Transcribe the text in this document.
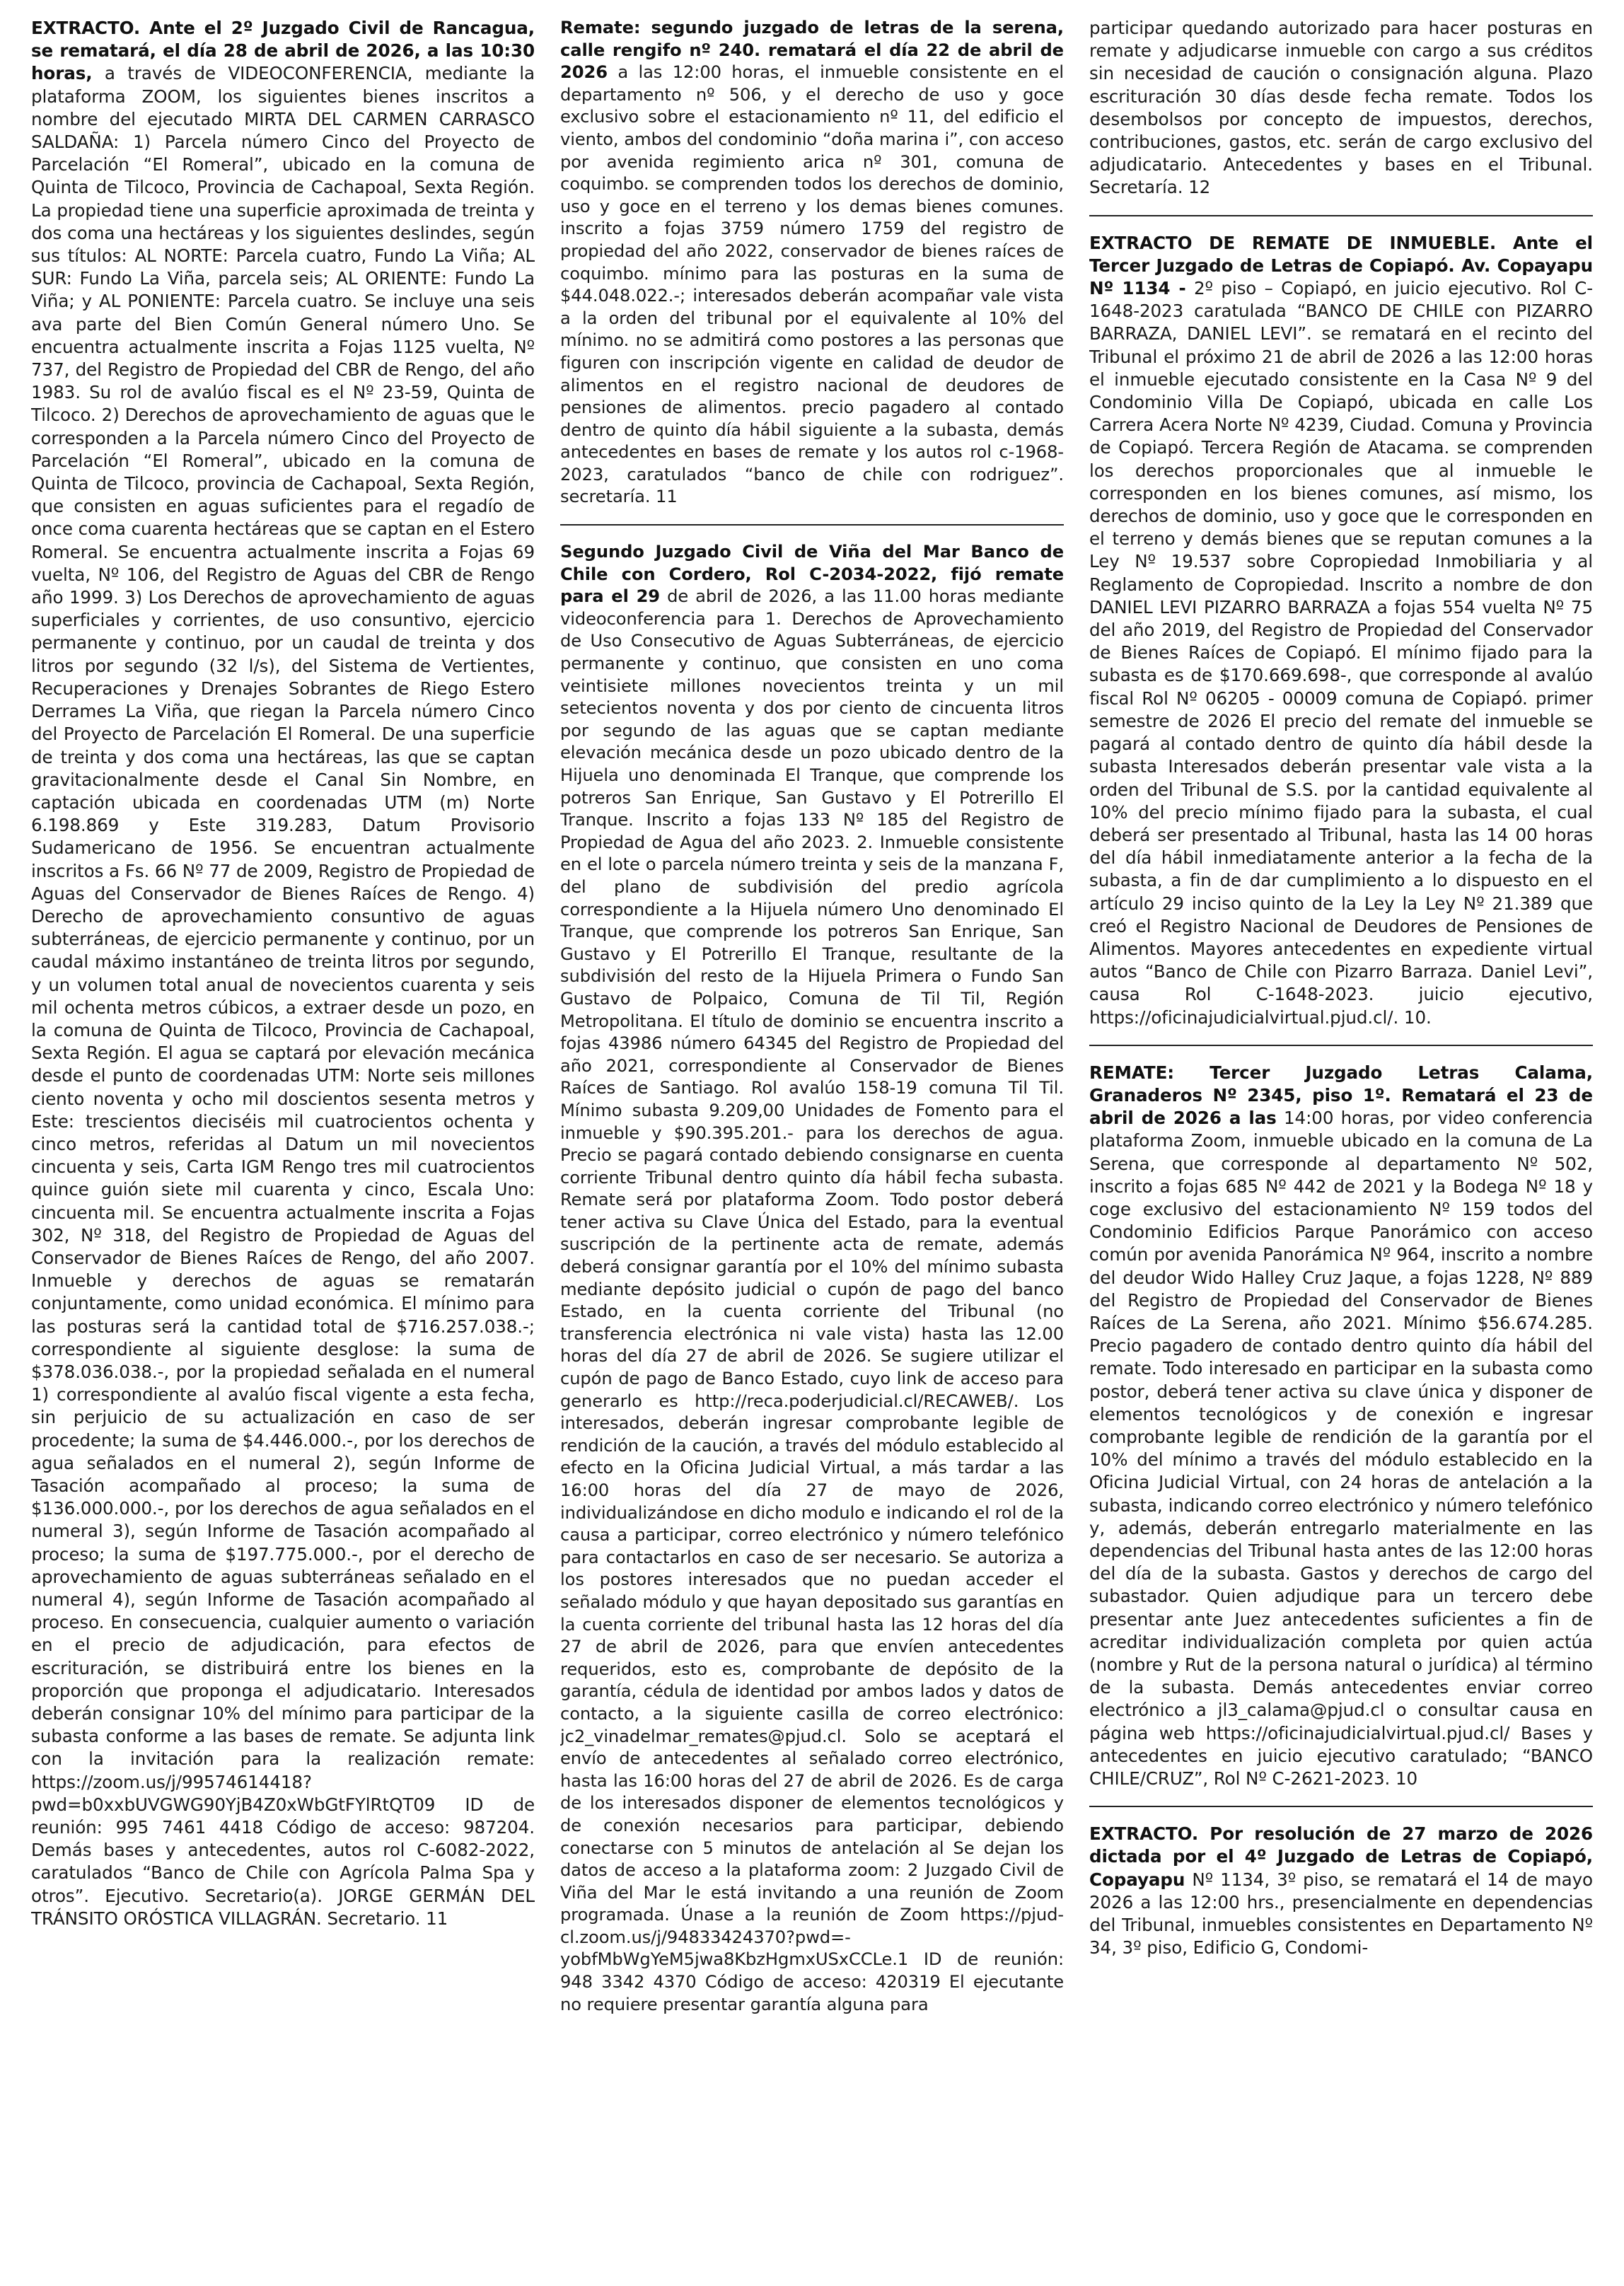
EXTRACTO. Ante el 2º Juzgado Civil de Rancagua, se rematará, el día 28 de abril de 2026, a las 10:30 horas, a través de VIDEOCONFERENCIA, mediante la plataforma ZOOM, los siguientes bienes inscritos a nombre del ejecutado MIRTA DEL CARMEN CARRASCO SALDAÑA: 1) Parcela número Cinco del Proyecto de Parcelación “El Romeral”, ubicado en la comuna de Quinta de Tilcoco, Provincia de Cachapoal, Sexta Región. La propiedad tiene una superficie aproximada de treinta y dos coma una hectáreas y los siguientes deslindes, según sus títulos: AL NORTE: Parcela cuatro, Fundo La Viña; AL SUR: Fundo La Viña, parcela seis; AL ORIENTE: Fundo La Viña; y AL PONIENTE: Parcela cuatro. Se incluye una seis ava parte del Bien Común General número Uno. Se encuentra actualmente inscrita a Fojas 1125 vuelta, Nº 737, del Registro de Propiedad del CBR de Rengo, del año 1983. Su rol de avalúo fiscal es el Nº 23-59, Quinta de Tilcoco. 2) Derechos de aprovechamiento de aguas que le corresponden a la Parcela número Cinco del Proyecto de Parcelación “El Romeral”, ubicado en la comuna de Quinta de Tilcoco, provincia de Cachapoal, Sexta Región, que consisten en aguas suficientes para el regadío de once coma cuarenta hectáreas que se captan en el Estero Romeral. Se encuentra actualmente inscrita a Fojas 69 vuelta, Nº 106, del Registro de Aguas del CBR de Rengo año 1999. 3) Los Derechos de aprovechamiento de aguas superficiales y corrientes, de uso consuntivo, ejercicio permanente y continuo, por un caudal de treinta y dos litros por segundo (32 l/s), del Sistema de Vertientes, Recuperaciones y Drenajes Sobrantes de Riego Estero Derrames La Viña, que riegan la Parcela número Cinco del Proyecto de Parcelación El Romeral. De una superficie de treinta y dos coma una hectáreas, las que se captan gravitacionalmente desde el Canal Sin Nombre, en captación ubicada en coordenadas UTM (m) Norte 6.198.869 y Este 319.283, Datum Provisorio Sudamericano de 1956. Se encuentran actualmente inscritos a Fs. 66 Nº 77 de 2009, Registro de Propiedad de Aguas del Conservador de Bienes Raíces de Rengo. 4) Derecho de aprovechamiento consuntivo de aguas subterráneas, de ejercicio permanente y continuo, por un caudal máximo instantáneo de treinta litros por segundo, y un volumen total anual de novecientos cuarenta y seis mil ochenta metros cúbicos, a extraer desde un pozo, en la comuna de Quinta de Tilcoco, Provincia de Cachapoal, Sexta Región. El agua se captará por elevación mecánica desde el punto de coordenadas UTM: Norte seis millones ciento noventa y ocho mil doscientos sesenta metros y Este: trescientos dieciséis mil cuatrocientos ochenta y cinco metros, referidas al Datum un mil novecientos cincuenta y seis, Carta IGM Rengo tres mil cuatrocientos quince guión siete mil cuarenta y cinco, Escala Uno: cincuenta mil. Se encuentra actualmente inscrita a Fojas 302, Nº 318, del Registro de Propiedad de Aguas del Conservador de Bienes Raíces de Rengo, del año 2007. Inmueble y derechos de aguas se rematarán conjuntamente, como unidad económica. El mínimo para las posturas será la cantidad total de $716.257.038.-; correspondiente al siguiente desglose: la suma de $378.036.038.-, por la propiedad señalada en el numeral 1) correspondiente al avalúo fiscal vigente a esta fecha, sin perjuicio de su actualización en caso de ser procedente; la suma de $4.446.000.-, por los derechos de agua señalados en el numeral 2), según Informe de Tasación acompañado al proceso; la suma de $136.000.000.-, por los derechos de agua señalados en el numeral 3), según Informe de Tasación acompañado al proceso; la suma de $197.775.000.-, por el derecho de aprovechamiento de aguas subterráneas señalado en el numeral 4), según Informe de Tasación acompañado al proceso. En consecuencia, cualquier aumento o variación en el precio de adjudicación, para efectos de escrituración, se distribuirá entre los bienes en la proporción que proponga el adjudicatario. Interesados deberán consignar 10% del mínimo para participar de la subasta conforme a las bases de remate. Se adjunta link con la invitación para la realización remate: https://zoom.us/j/99574614418?pwd=b0xxbUVGWG90YjB4Z0xWbGtFYlRtQT09 ID de reunión: 995 7461 4418 Código de acceso: 987204. Demás bases y antecedentes, autos rol C-6082-2022, caratulados “Banco de Chile con Agrícola Palma Spa y otros”. Ejecutivo. Secretario(a). JORGE GERMÁN DEL TRÁNSITO ORÓSTICA VILLAGRÁN. Secretario. 11

Remate: segundo juzgado de letras de la serena, calle rengifo nº 240. rematará el día 22 de abril de 2026 a las 12:00 horas, el inmueble consistente en el departamento nº 506, y el derecho de uso y goce exclusivo sobre el estacionamiento nº 11, del edificio el viento, ambos del condominio “doña marina i”, con acceso por avenida regimiento arica nº 301, comuna de coquimbo. se comprenden todos los derechos de dominio, uso y goce en el terreno y los demas bienes comunes. inscrito a fojas 3759 número 1759 del registro de propiedad del año 2022, conservador de bienes raíces de coquimbo. mínimo para las posturas en la suma de $44.048.022.-; interesados deberán acompañar vale vista a la orden del tribunal por el equivalente al 10% del mínimo. no se admitirá como postores a las personas que figuren con inscripción vigente en calidad de deudor de alimentos en el registro nacional de deudores de pensiones de alimentos. precio pagadero al contado dentro de quinto día hábil siguiente a la subasta, demás antecedentes en bases de remate y los autos rol c-1968-2023, caratulados “banco de chile con rodriguez”. secretaría. 11

Segundo Juzgado Civil de Viña del Mar Banco de Chile con Cordero, Rol C-2034-2022, fijó remate para el 29 de abril de 2026, a las 11.00 horas mediante videoconferencia para 1. Derechos de Aprovechamiento de Uso Consecutivo de Aguas Subterráneas, de ejercicio permanente y continuo, que consisten en uno coma veintisiete millones novecientos treinta y un mil setecientos noventa y dos por ciento de cincuenta litros por segundo de las aguas que se captan mediante elevación mecánica desde un pozo ubicado dentro de la Hijuela uno denominada El Tranque, que comprende los potreros San Enrique, San Gustavo y El Potrerillo El Tranque. Inscrito a fojas 133 Nº 185 del Registro de Propiedad de Agua del año 2023. 2. Inmueble consistente en el lote o parcela número treinta y seis de la manzana F, del plano de subdivisión del predio agrícola correspondiente a la Hijuela número Uno denominado El Tranque, que comprende los potreros San Enrique, San Gustavo y El Potrerillo El Tranque, resultante de la subdivisión del resto de la Hijuela Primera o Fundo San Gustavo de Polpaico, Comuna de Til Til, Región Metropolitana. El título de dominio se encuentra inscrito a fojas 43986 número 64345 del Registro de Propiedad del año 2021, correspondiente al Conservador de Bienes Raíces de Santiago. Rol avalúo 158-19 comuna Til Til. Mínimo subasta 9.209,00 Unidades de Fomento para el inmueble y $90.395.201.- para los derechos de agua. Precio se pagará contado debiendo consignarse en cuenta corriente Tribunal dentro quinto día hábil fecha subasta. Remate será por plataforma Zoom. Todo postor deberá tener activa su Clave Única del Estado, para la eventual suscripción de la pertinente acta de remate, además deberá consignar garantía por el 10% del mínimo subasta mediante depósito judicial o cupón de pago del banco Estado, en la cuenta corriente del Tribunal (no transferencia electrónica ni vale vista) hasta las 12.00 horas del día 27 de abril de 2026. Se sugiere utilizar el cupón de pago de Banco Estado, cuyo link de acceso para generarlo es http://reca.poderjudicial.cl/RECAWEB/. Los interesados, deberán ingresar comprobante legible de rendición de la caución, a través del módulo establecido al efecto en la Oficina Judicial Virtual, a más tardar a las 16:00 horas del día 27 de mayo de 2026, individualizándose en dicho modulo e indicando el rol de la causa a participar, correo electrónico y número telefónico para contactarlos en caso de ser necesario. Se autoriza a los postores interesados que no puedan acceder el señalado módulo y que hayan depositado sus garantías en la cuenta corriente del tribunal hasta las 12 horas del día 27 de abril de 2026, para que envíen antecedentes requeridos, esto es, comprobante de depósito de la garantía, cédula de identidad por ambos lados y datos de contacto, a la siguiente casilla de correo electrónico: jc2_vinadelmar_remates@pjud.cl. Solo se aceptará el envío de antecedentes al señalado correo electrónico, hasta las 16:00 horas del 27 de abril de 2026. Es de carga de los interesados disponer de elementos tecnológicos y de conexión necesarios para participar, debiendo conectarse con 5 minutos de antelación al Se dejan los datos de acceso a la plataforma zoom: 2 Juzgado Civil de Viña del Mar le está invitando a una reunión de Zoom programada. Únase a la reunión de Zoom https://pjud-cl.zoom.us/j/94833424370?pwd=-yobfMbWgYeM5jwa8KbzHgmxUSxCCLe.1 ID de reunión: 948 3342 4370 Código de acceso: 420319 El ejecutante no requiere presentar garantía alguna para

participar quedando autorizado para hacer posturas en remate y adjudicarse inmueble con cargo a sus créditos sin necesidad de caución o consignación alguna. Plazo escrituración 30 días desde fecha remate. Todos los desembolsos por concepto de impuestos, derechos, contribuciones, gastos, etc. serán de cargo exclusivo del adjudicatario. Antecedentes y bases en el Tribunal. Secretaría. 12

EXTRACTO DE REMATE DE INMUEBLE. Ante el Tercer Juzgado de Letras de Copiapó. Av. Copayapu Nº 1134 - 2º piso – Copiapó, en juicio ejecutivo. Rol C-1648-2023 caratulada “BANCO DE CHILE con PIZARRO BARRAZA, DANIEL LEVI”. se rematará en el recinto del Tribunal el próximo 21 de abril de 2026 a las 12:00 horas el inmueble ejecutado consistente en la Casa Nº 9 del Condominio Villa De Copiapó, ubicada en calle Los Carrera Acera Norte Nº 4239, Ciudad. Comuna y Provincia de Copiapó. Tercera Región de Atacama. se comprenden los derechos proporcionales que al inmueble le corresponden en los bienes comunes, así mismo, los derechos de dominio, uso y goce que le corresponden en el terreno y demás bienes que se reputan comunes a la Ley Nº 19.537 sobre Copropiedad Inmobiliaria y al Reglamento de Copropiedad. Inscrito a nombre de don DANIEL LEVI PIZARRO BARRAZA a fojas 554 vuelta Nº 75 del año 2019, del Registro de Propiedad del Conservador de Bienes Raíces de Copiapó. El mínimo fijado para la subasta es de $170.669.698-, que corresponde al avalúo fiscal Rol Nº 06205 - 00009 comuna de Copiapó. primer semestre de 2026 El precio del remate del inmueble se pagará al contado dentro de quinto día hábil desde la subasta Interesados deberán presentar vale vista a la orden del Tribunal de S.S. por la cantidad equivalente al 10% del precio mínimo fijado para la subasta, el cual deberá ser presentado al Tribunal, hasta las 14 00 horas del día hábil inmediatamente anterior a la fecha de la subasta, a fin de dar cumplimiento a lo dispuesto en el artículo 29 inciso quinto de la Ley la Ley Nº 21.389 que creó el Registro Nacional de Deudores de Pensiones de Alimentos. Mayores antecedentes en expediente virtual autos “Banco de Chile con Pizarro Barraza. Daniel Levi”, causa Rol C-1648-2023. juicio ejecutivo, https://oficinajudicialvirtual.pjud.cl/. 10.

REMATE: Tercer Juzgado Letras Calama, Granaderos Nº 2345, piso 1º. Rematará el 23 de abril de 2026 a las 14:00 horas, por video conferencia plataforma Zoom, inmueble ubicado en la comuna de La Serena, que corresponde al departamento Nº 502, inscrito a fojas 685 Nº 442 de 2021 y la Bodega Nº 18 y coge exclusivo del estacionamiento Nº 159 todos del Condominio Edificios Parque Panorámico con acceso común por avenida Panorámica Nº 964, inscrito a nombre del deudor Wido Halley Cruz Jaque, a fojas 1228, Nº 889 del Registro de Propiedad del Conservador de Bienes Raíces de La Serena, año 2021. Mínimo $56.674.285. Precio pagadero de contado dentro quinto día hábil del remate. Todo interesado en participar en la subasta como postor, deberá tener activa su clave única y disponer de elementos tecnológicos y de conexión e ingresar comprobante legible de rendición de la garantía por el 10% del mínimo a través del módulo establecido en la Oficina Judicial Virtual, con 24 horas de antelación a la subasta, indicando correo electrónico y número telefónico y, además, deberán entregarlo materialmente en las dependencias del Tribunal hasta antes de las 12:00 horas del día de la subasta. Gastos y derechos de cargo del subastador. Quien adjudique para un tercero debe presentar ante Juez antecedentes suficientes a fin de acreditar individualización completa por quien actúa (nombre y Rut de la persona natural o jurídica) al término de la subasta. Demás antecedentes enviar correo electrónico a jl3_calama@pjud.cl o consultar causa en página web https://oficinajudicialvirtual.pjud.cl/ Bases y antecedentes en juicio ejecutivo caratulado; “BANCO CHILE/CRUZ”, Rol Nº C-2621-2023. 10

EXTRACTO. Por resolución de 27 marzo de 2026 dictada por el 4º Juzgado de Letras de Copiapó, Copayapu Nº 1134, 3º piso, se rematará el 14 de mayo 2026 a las 12:00 hrs., presencialmente en dependencias del Tribunal, inmuebles consistentes en Departamento Nº 34, 3º piso, Edificio G, Condomi-
